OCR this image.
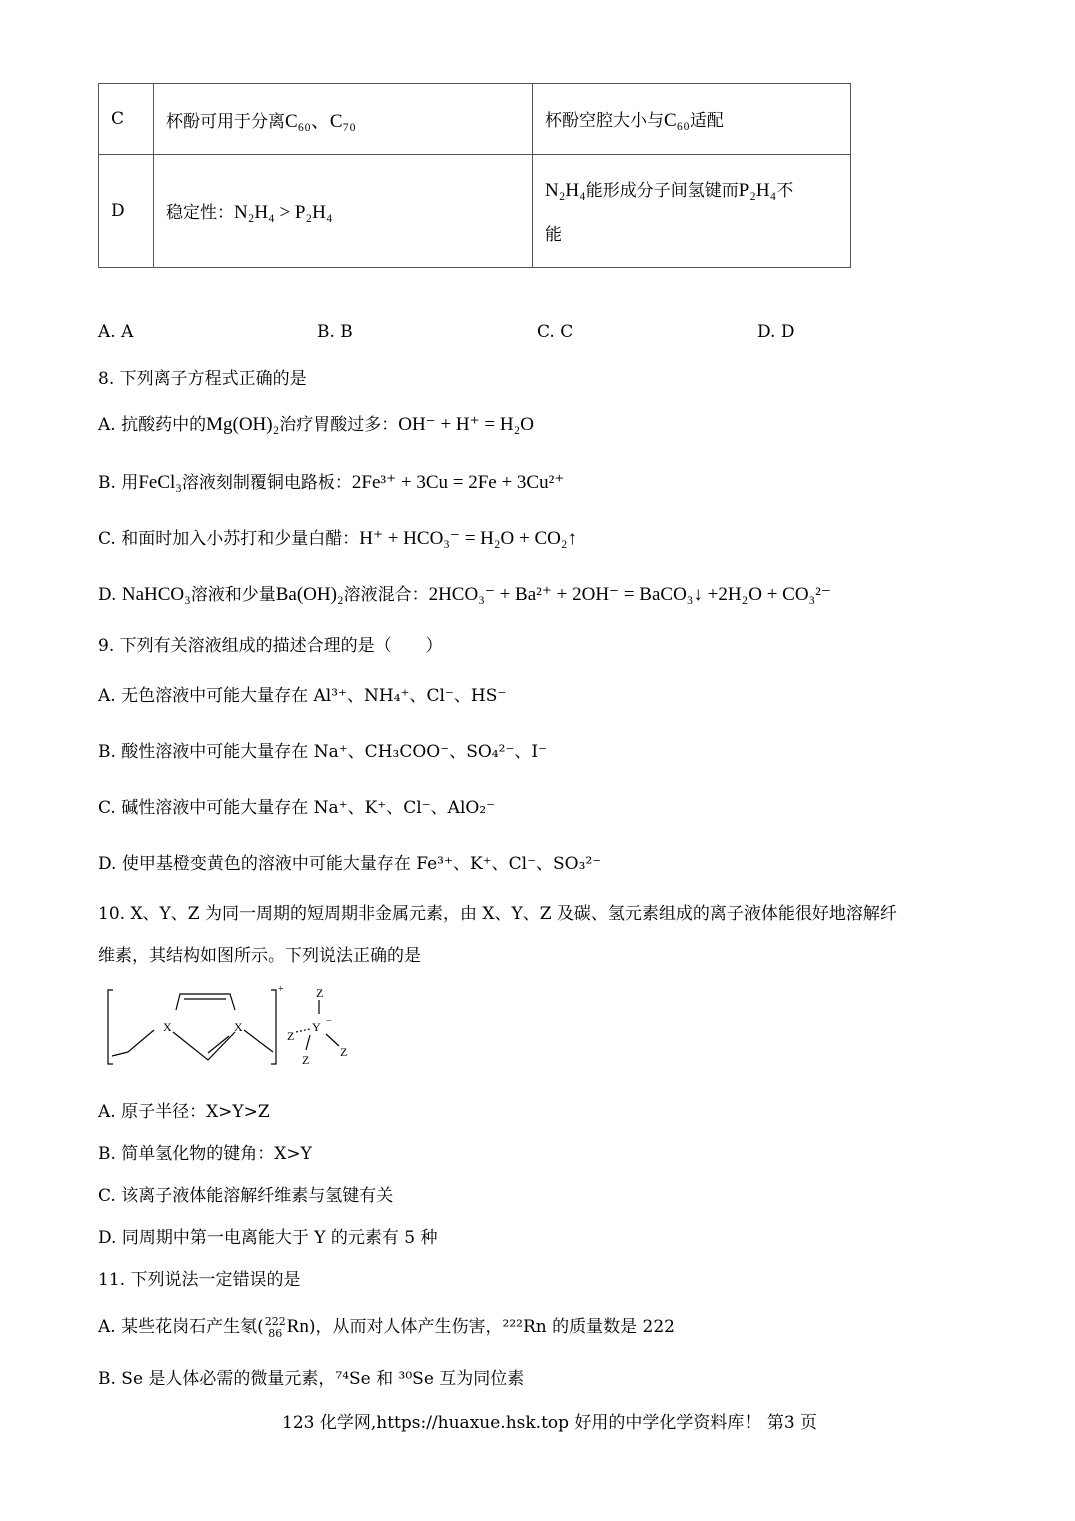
C	杯酚可用于分离C₆₀、C₇₀	杯酚空腔大小与C₆₀适配
D	稳定性：N₂H₄ > P₂H₄	N₂H₄能形成分子间氢键而P₂H₄不
能
A. A	B. B	C. C	D. D
8. 下列离子方程式正确的是
A. 抗酸药中的Mg(OH)₂治疗胃酸过多：OH⁻ + H⁺ = H₂O
B. 用FeCl₃溶液刻制覆铜电路板：2Fe³⁺ + 3Cu = 2Fe + 3Cu²⁺
C. 和面时加入小苏打和少量白醋：H⁺ + HCO₃⁻ = H₂O + CO₂↑
D. NaHCO₃溶液和少量Ba(OH)₂溶液混合：2HCO₃⁻ + Ba²⁺ + 2OH⁻ = BaCO₃↓ +2H₂O + CO₃²⁻
9. 下列有关溶液组成的描述合理的是（　　）
A. 无色溶液中可能大量存在 Al³⁺、NH₄⁺、Cl⁻、HS⁻
B. 酸性溶液中可能大量存在 Na⁺、CH₃COO⁻、SO₄²⁻、I⁻
C. 碱性溶液中可能大量存在 Na⁺、K⁺、Cl⁻、AlO₂⁻
D. 使甲基橙变黄色的溶液中可能大量存在 Fe³⁺、K⁺、Cl⁻、SO₃²⁻
10. X、Y、Z 为同一周期的短周期非金属元素，由 X、Y、Z 及碳、氢元素组成的离子液体能很好地溶解纤
维素，其结构如图所示。下列说法正确的是
X	X
+	Z
Y −
Z
Z
Z
A. 原子半径：X>Y>Z
B. 简单氢化物的键角：X>Y
C. 该离子液体能溶解纤维素与氢键有关
D. 同周期中第一电离能大于 Y 的元素有 5 种
11. 下列说法一定错误的是
A. 某些花岗石产生氡( 222
86 Rn)，从而对人体产生伤害，²²²Rn 的质量数是 222
B. Se 是人体必需的微量元素，⁷⁴Se 和 ³⁰Se 互为同位素
123 化学网,https://huaxue.hsk.top 好用的中学化学资料库！ 第3 页
